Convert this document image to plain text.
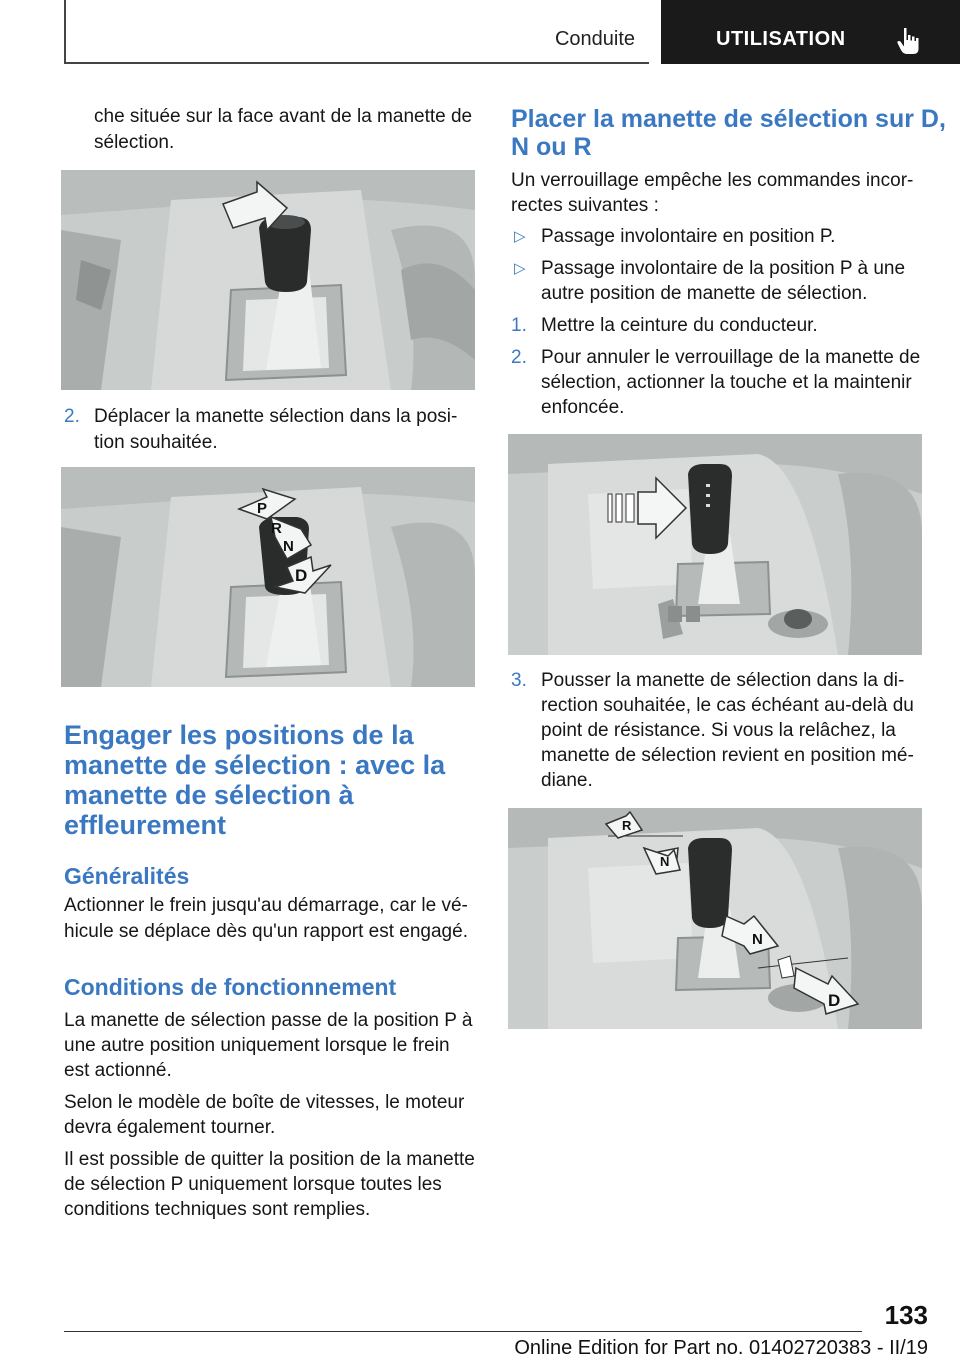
Conduite	UTILISATION
che située sur la face avant de la manette de
sélection.
2. Déplacer la manette sélection dans la posi‐
tion souhaitée.
P
R
N
D
Engager les positions de la
manette de sélection : avec la
manette de sélection à
effleurement
Généralités
Actionner le frein jusqu'au démarrage, car le vé‐
hicule se déplace dès qu'un rapport est engagé.
Conditions de fonctionnement
La manette de sélection passe de la position P à
une autre position uniquement lorsque le frein
est actionné.
Selon le modèle de boîte de vitesses, le moteur
devra également tourner.
Il est possible de quitter la position de la manette
de sélection P uniquement lorsque toutes les
conditions techniques sont remplies.
Placer la manette de sélection sur D,
N ou R
Un verrouillage empêche les commandes incor‐
rectes suivantes :
▷ Passage involontaire en position P.
▷ Passage involontaire de la position P à une
autre position de manette de sélection.
1. Mettre la ceinture du conducteur.
2. Pour annuler le verrouillage de la manette de
sélection, actionner la touche et la maintenir
enfoncée.
3. Pousser la manette de sélection dans la di‐
rection souhaitée, le cas échéant au-delà du
point de résistance. Si vous la relâchez, la
manette de sélection revient en position mé‐
diane.
R
N
N
D
133
Online Edition for Part no. 01402720383 - II/19
